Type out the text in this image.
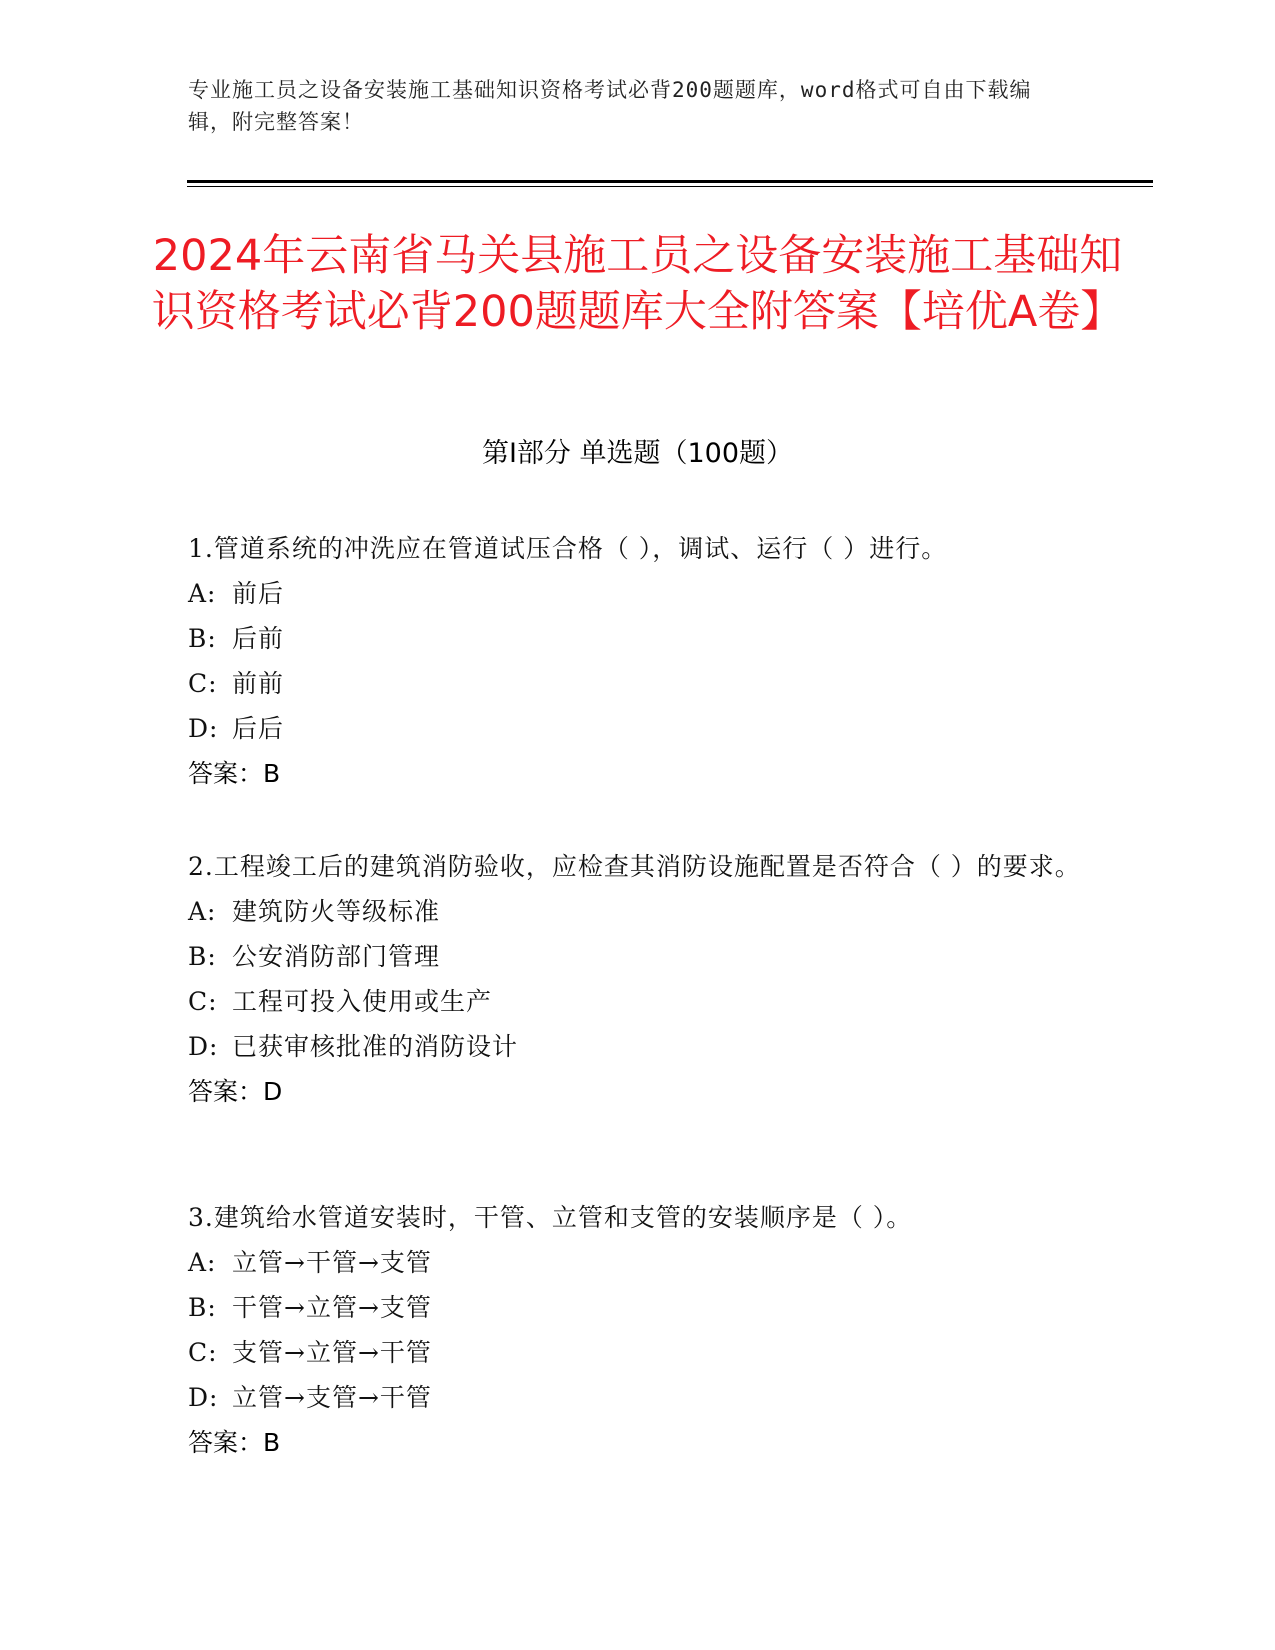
专业施工员之设备安装施工基础知识资格考试必背200题题库，word格式可自由下载编辑，附完整答案！
2024年云南省马关县施工员之设备安装施工基础知识资格考试必背200题题库大全附答案【培优A卷】
第Ⅰ部分 单选题（100题）
1.管道系统的冲洗应在管道试压合格（ ），调试、运行（ ）进行。
A: 前后
B: 后前
C: 前前
D: 后后
答案：B
2.工程竣工后的建筑消防验收，应检查其消防设施配置是否符合（ ）的要求。
A: 建筑防火等级标准
B: 公安消防部门管理
C: 工程可投入使用或生产
D: 已获审核批准的消防设计
答案：D
3.建筑给水管道安装时，干管、立管和支管的安装顺序是（ ）。
A: 立管→干管→支管
B: 干管→立管→支管
C: 支管→立管→干管
D: 立管→支管→干管
答案：B
